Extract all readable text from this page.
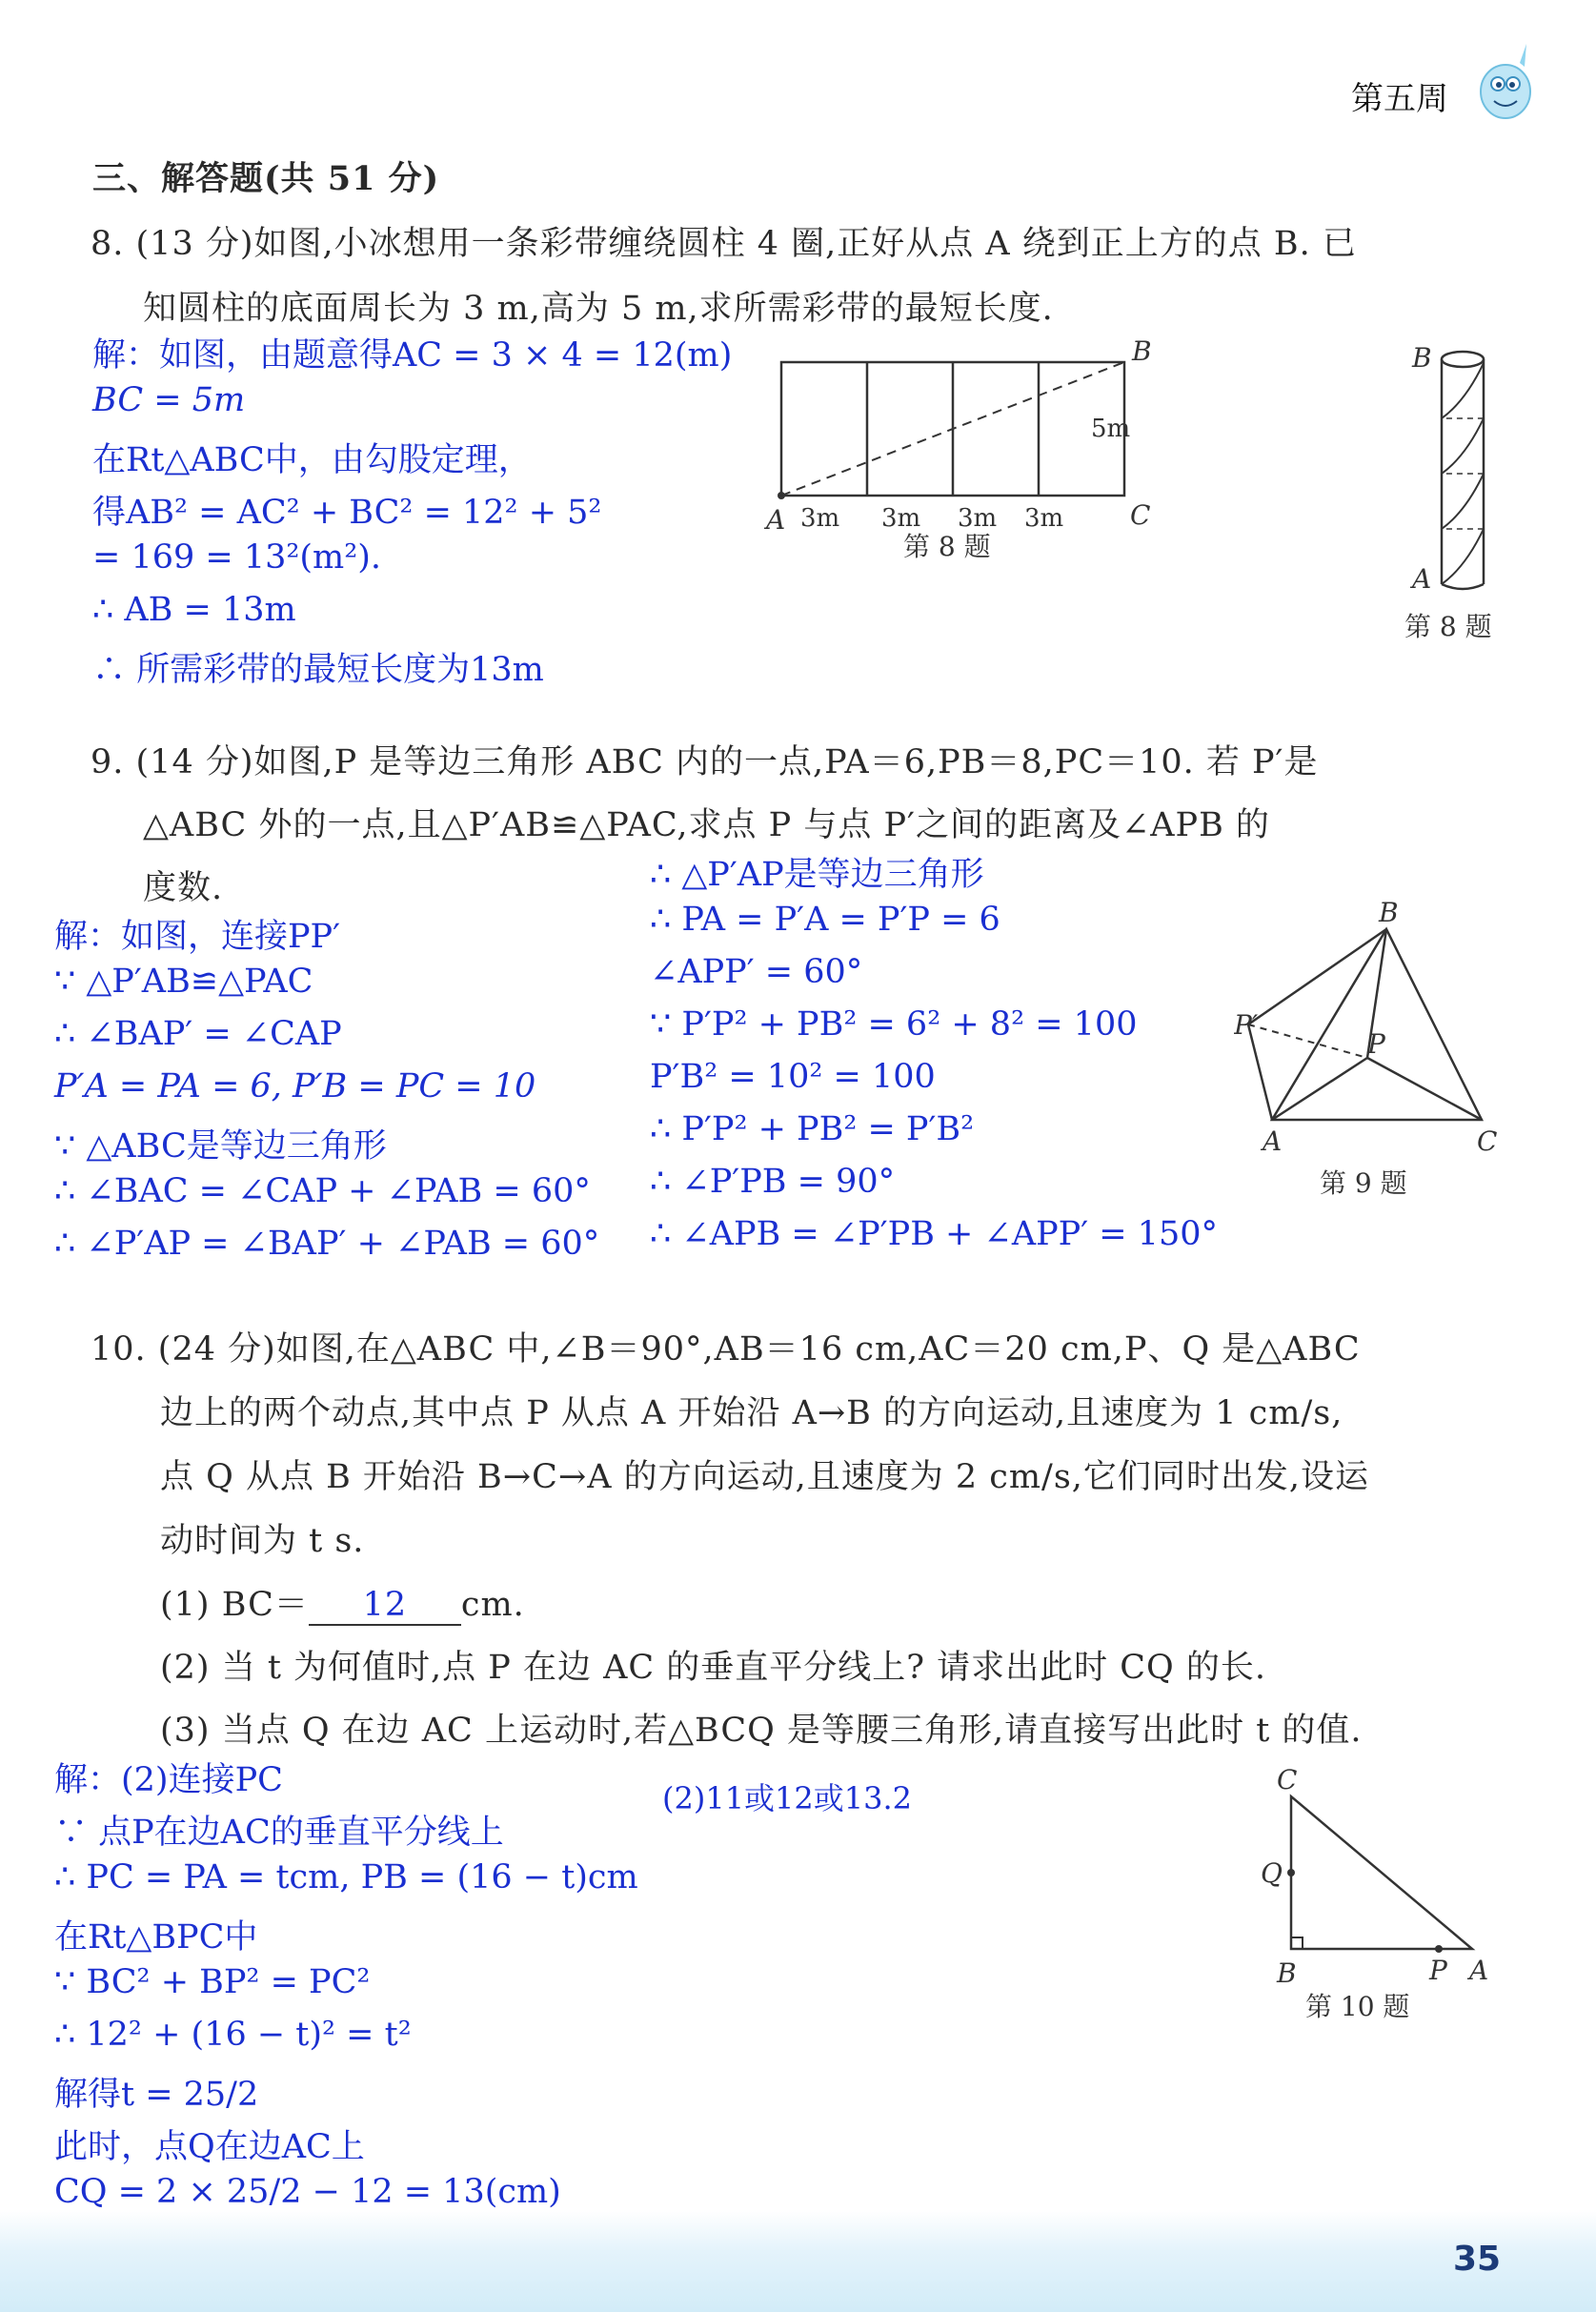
第五周
三、解答题(共 51 分)
8. (13 分)如图,小冰想用一条彩带缠绕圆柱 4 圈,正好从点 A 绕到正上方的点 B. 已
知圆柱的底面周长为 3 m,高为 5 m,求所需彩带的最短长度.
解：如图，由题意得AC = 3 × 4 = 12(m)
BC = 5m
在Rt△ABC中，由勾股定理，
得AB² = AC² + BC² = 12² + 5²
= 169 = 13²(m²).
∴ AB = 13m
∴ 所需彩带的最短长度为13m
B
5m
A 3m 3m 3m 3m C
第 8 题
B
A
第 8 题
9. (14 分)如图,P 是等边三角形 ABC 内的一点,PA＝6,PB＝8,PC＝10. 若 P′是
△ABC 外的一点,且△P′AB≌△PAC,求点 P 与点 P′之间的距离及∠APB 的
度数.
解：如图，连接PP′
∵ △P′AB≌△PAC
∴ ∠BAP′ = ∠CAP
P′A = PA = 6, P′B = PC = 10
∵ △ABC是等边三角形
∴ ∠BAC = ∠CAP + ∠PAB = 60°
∴ ∠P′AP = ∠BAP′ + ∠PAB = 60°
∴ △P′AP是等边三角形
∴ PA = P′A = P′P = 6
∠APP′ = 60°
∵ P′P² + PB² = 6² + 8² = 100
P′B² = 10² = 100
∴ P′P² + PB² = P′B²
∴ ∠P′PB = 90°
∴ ∠APB = ∠P′PB + ∠APP′ = 150°
B
P′
P
A	C
第 9 题
10. (24 分)如图,在△ABC 中,∠B＝90°,AB＝16 cm,AC＝20 cm,P、Q 是△ABC
边上的两个动点,其中点 P 从点 A 开始沿 A→B 的方向运动,且速度为 1 cm/s,
点 Q 从点 B 开始沿 B→C→A 的方向运动,且速度为 2 cm/s,它们同时出发,设运
动时间为 t s.
(1) BC＝ 12 cm.
(2) 当 t 为何值时,点 P 在边 AC 的垂直平分线上? 请求出此时 CQ 的长.
(3) 当点 Q 在边 AC 上运动时,若△BCQ 是等腰三角形,请直接写出此时 t 的值.
解：(2)连接PC
∵ 点P在边AC的垂直平分线上
∴ PC = PA = tcm, PB = (16 − t)cm
在Rt△BPC中
∵ BC² + BP² = PC²
∴ 12² + (16 − t)² = t²
解得t = 25/2
此时，点Q在边AC上
CQ = 2 × 25/2 − 12 = 13(cm)
(2)11或12或13.2
C
Q
B	P A
第 10 题
35
